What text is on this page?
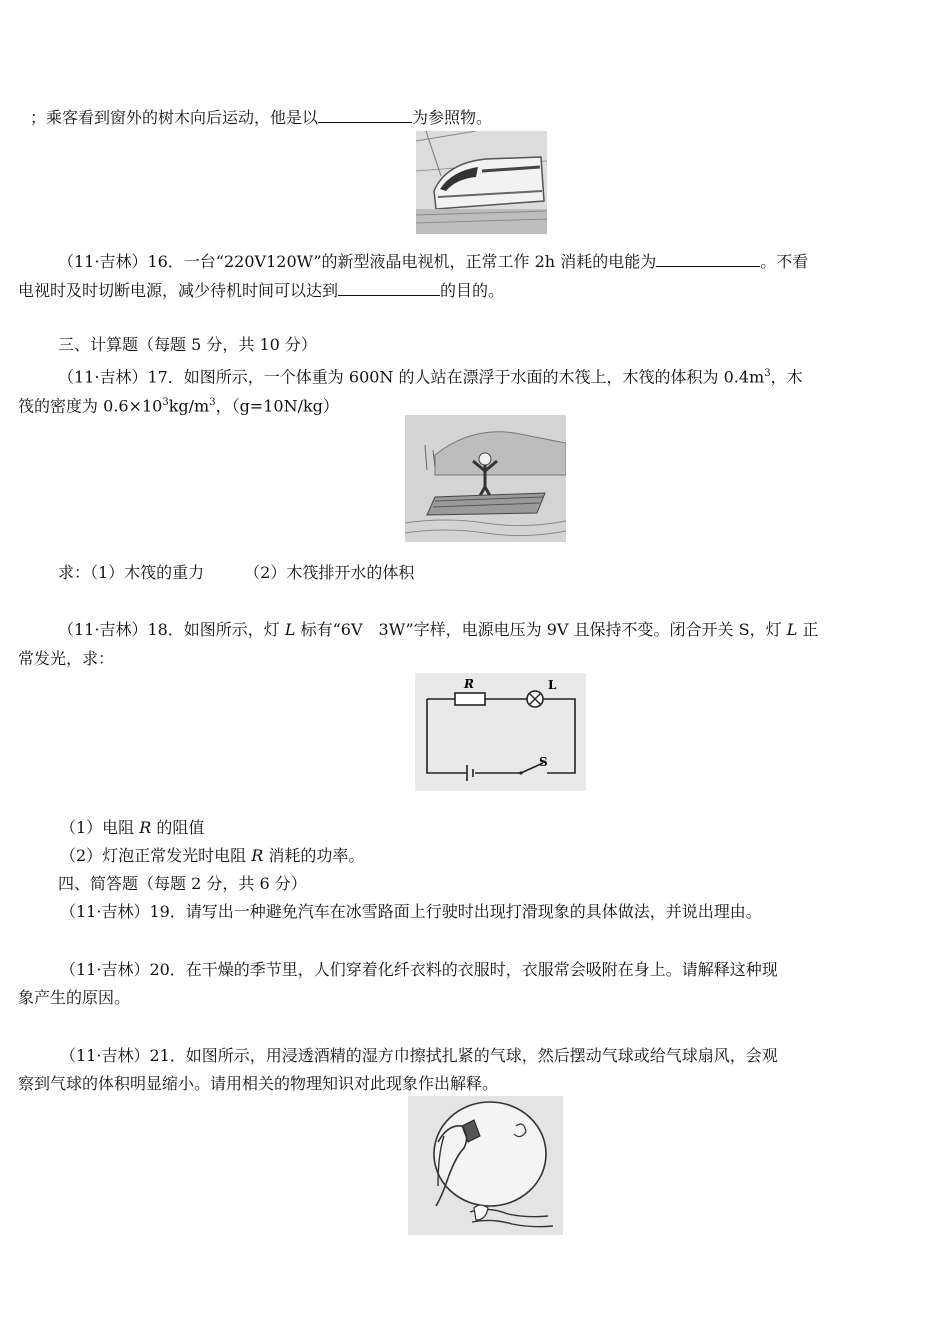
；乘客看到窗外的树木向后运动，他是以	为参照物。
（11·吉林）16．一台“220V120W”的新型液晶电视机，正常工作 2h 消耗的电能为	。不看
电视时及时切断电源，减少待机时间可以达到	的目的。
三、计算题（每题 5 分，共 10 分）
（11·吉林）17．如图所示，一个体重为 600N 的人站在漂浮于水面的木筏上，木筏的体积为 $0.4m^3$，木
筏的密度为 $0.6\times 10^3kg/m^3$，（g=10N/kg）
求：（1）木筏的重力　　　（2）木筏排开水的体积
（11·吉林）18．如图所示，灯 L 标有“6V　3W”字样，电源电压为 9V 且保持不变。闭合开关 S，灯 L 正
常发光，求：
R	L
S
（1）电阻 R 的阻值
（2）灯泡正常发光时电阻 R 消耗的功率。
四、简答题（每题 2 分，共 6 分）
（11·吉林）19．请写出一种避免汽车在冰雪路面上行驶时出现打滑现象的具体做法，并说出理由。
（11·吉林）20．在干燥的季节里，人们穿着化纤衣料的衣服时，衣服常会吸附在身上。请解释这种现
象产生的原因。
（11·吉林）21．如图所示，用浸透酒精的湿方巾擦拭扎紧的气球，然后摆动气球或给气球扇风，会观
察到气球的体积明显缩小。请用相关的物理知识对此现象作出解释。
